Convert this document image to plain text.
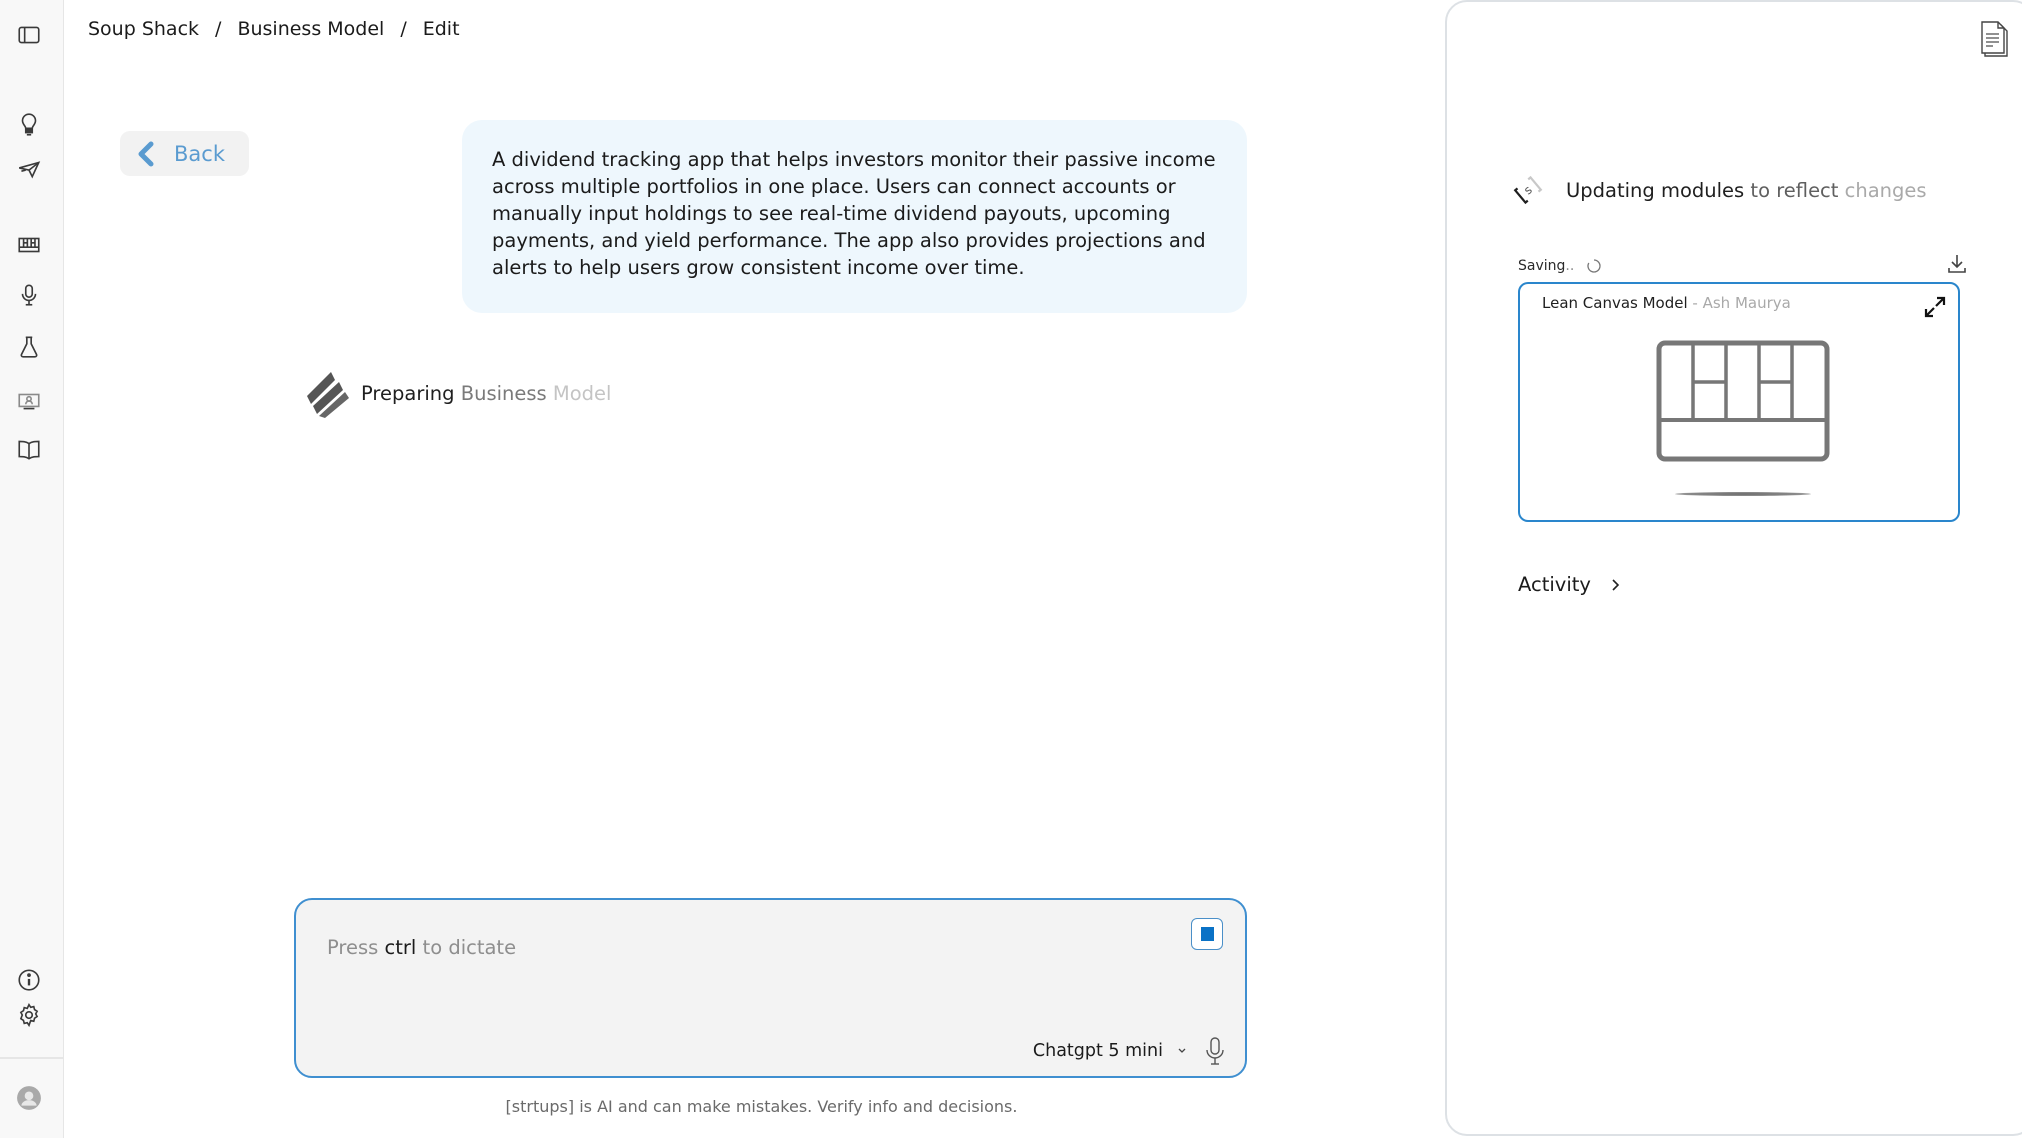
Soup Shack / Business Model / Edit
Back	A dividend tracking app that helps investors monitor their passive income across multiple portfolios in one place. Users can connect accounts or manually input holdings to see real-time dividend payouts, upcoming payments, and yield performance. The app also provides projections and alerts to help users grow consistent income over time.
Preparing Business Model
Press ctrl to dictate
Chatgpt 5 mini
[strtups] is AI and can make mistakes. Verify info and decisions.
s Updating modules to reflect changes
Saving..
Lean Canvas Model - Ash Maurya
Activity
